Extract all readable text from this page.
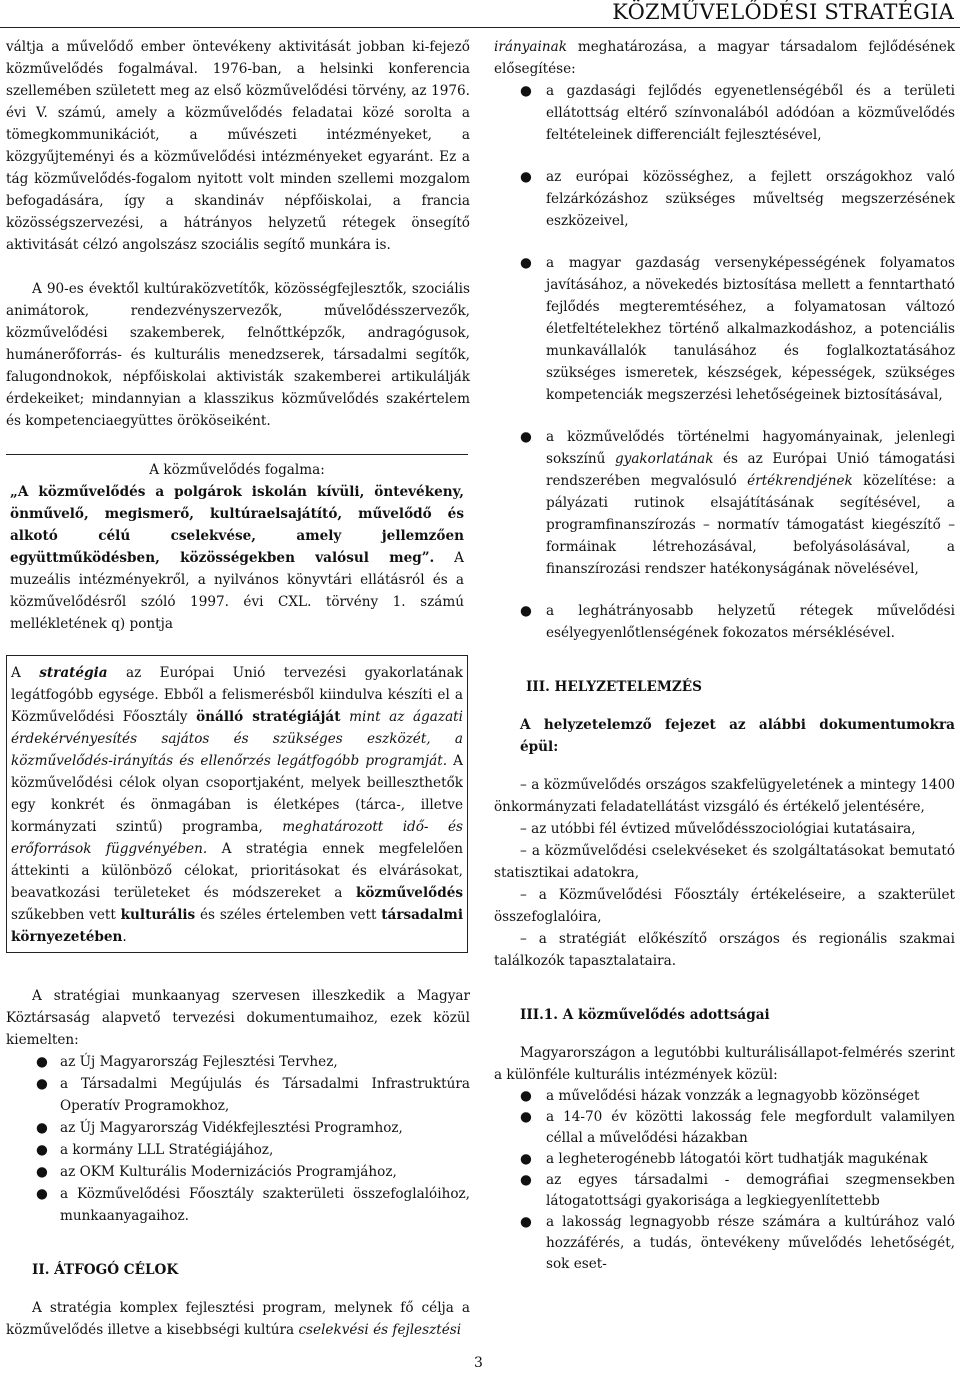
KÖZMŰVELŐDÉSI STRATÉGIA

váltja a művelődő ember öntevékeny aktivitását jobban ki-fejező közművelődés fogalmával. 1976-ban, a helsinki konferencia szellemében született meg az első közművelődési törvény, az 1976. évi V. számú, amely a közművelődés feladatai közé sorolta a tömegkommunikációt, a művészeti intézményeket, a közgyűjteményi és a közművelődési intézményeket egyaránt. Ez a tág közművelődés-fogalom nyitott volt minden szellemi mozgalom befogadására, így a skandináv népfőiskolai, a francia közösségszervezési, a hátrányos helyzetű rétegek önsegítő aktivitását célzó angolszász szociális segítő munkára is.

A 90-es évektől kultúraközvetítők, közösségfejlesztők, szociális animátorok, rendezvényszervezők, művelődésszervezők, közművelődési szakemberek, felnőttképzők, andragógusok, humánerőforrás- és kulturális menedzserek, társadalmi segítők, falugondnokok, népfőiskolai aktivisták szakemberei artikulálják érdekeiket; mindannyian a klasszikus közművelődés szakértelem és kompetenciaegyüttes örököseiként.

A közművelődés fogalma:

„A közművelődés a polgárok iskolán kívüli, öntevékeny, önművelő, megismerő, kultúraelsajátító, művelődő és alkotó célú cselekvése, amely jellemzően együttműködésben, közösségekben valósul meg”. A muzeális intézményekről, a nyilvános könyvtári ellátásról és a közművelődésről szóló 1997. évi CXL. törvény 1. számú mellékletének q) pontja

A stratégia az Európai Unió tervezési gyakorlatának legátfogóbb egysége. Ebből a felismerésből kiindulva készíti el a Közművelődési Főosztály önálló stratégiáját mint az ágazati érdekérvényesítés sajátos és szükséges eszközét, a közművelődés-irányítás és ellenőrzés legátfogóbb programját. A közművelődési célok olyan csoportjaként, melyek beilleszthetők egy konkrét és önmagában is életképes (tárca-, illetve kormányzati szintű) programba, meghatározott idő- és erőforrások függvényében. A stratégia ennek megfelelően áttekinti a különböző célokat, prioritásokat és elvárásokat, beavatkozási területeket és módszereket a közművelődés szűkebben vett kulturális és széles értelemben vett társadalmi környezetében.

A stratégiai munkaanyag szervesen illeszkedik a Magyar Köztársaság alapvető tervezési dokumentumaihoz, ezek közül kiemelten:

● az Új Magyarország Fejlesztési Tervhez,
● a Társadalmi Megújulás és Társadalmi Infrastruktúra Operatív Programokhoz,
● az Új Magyarország Vidékfejlesztési Programhoz,
● a kormány LLL Stratégiájához,
● az OKM Kulturális Modernizációs Programjához,
● a Közművelődési Főosztály szakterületi összefoglalóihoz, munkaanyagaihoz.

II. ÁTFOGÓ CÉLOK

A stratégia komplex fejlesztési program, melynek fő célja a közművelődés illetve a kisebbségi kultúra cselekvési és fejlesztési

irányainak meghatározása, a magyar társadalom fejlődésének elősegítése:

● a gazdasági fejlődés egyenetlenségéből és a területi ellátottság eltérő színvonalából adódóan a közművelődés feltételeinek differenciált fejlesztésével,
● az európai közösséghez, a fejlett országokhoz való felzárkózáshoz szükséges műveltség megszerzésének eszközeivel,
● a magyar gazdaság versenyképességének folyamatos javításához, a növekedés biztosítása mellett a fenntartható fejlődés megteremtéséhez, a folyamatosan változó életfeltételekhez történő alkalmazkodáshoz, a potenciális munkavállalók tanulásához és foglalkoztatásához szükséges ismeretek, készségek, képességek, szükséges kompetenciák megszerzési lehetőségeinek biztosításával,
● a közművelődés történelmi hagyományainak, jelenlegi sokszínű gyakorlatának és az Európai Unió támogatási rendszerében megvalósuló értékrendjének közelítése: a pályázati rutinok elsajátításának segítésével, a programfinanszírozás – normatív támogatást kiegészítő – formáinak létrehozásával, befolyásolásával, a finanszírozási rendszer hatékonyságának növelésével,
● a leghátrányosabb helyzetű rétegek művelődési esélyegyenlőtlenségének fokozatos mérséklésével.

III. HELYZETELEMZÉS

A helyzetelemző fejezet az alábbi dokumentumokra épül:

– a közművelődés országos szakfelügyeletének a mintegy 1400 önkormányzati feladatellátást vizsgáló és értékelő jelentésére,

– az utóbbi fél évtized művelődésszociológiai kutatásaira,

– a közművelődési cselekvéseket és szolgáltatásokat bemutató statisztikai adatokra,

– a Közművelődési Főosztály értékeléseire, a szakterület összefoglalóira,

– a stratégiát előkészítő országos és regionális szakmai találkozók tapasztalataira.

III.1. A közművelődés adottságai

Magyarországon a legutóbbi kulturálisállapot-felmérés szerint a különféle kulturális intézmények közül:

● a művelődési házak vonzzák a legnagyobb közönséget
● a 14-70 év közötti lakosság fele megfordult valamilyen céllal a művelődési házakban
● a legheterogénebb látogatói kört tudhatják magukénak
● az egyes társadalmi - demográfiai szegmensekben látogatottsági gyakorisága a legkiegyenlítettebb
● a lakosság legnagyobb része számára a kultúrához való hozzáférés, a tudás, öntevékeny művelődés lehetőségét, sok eset-
3
